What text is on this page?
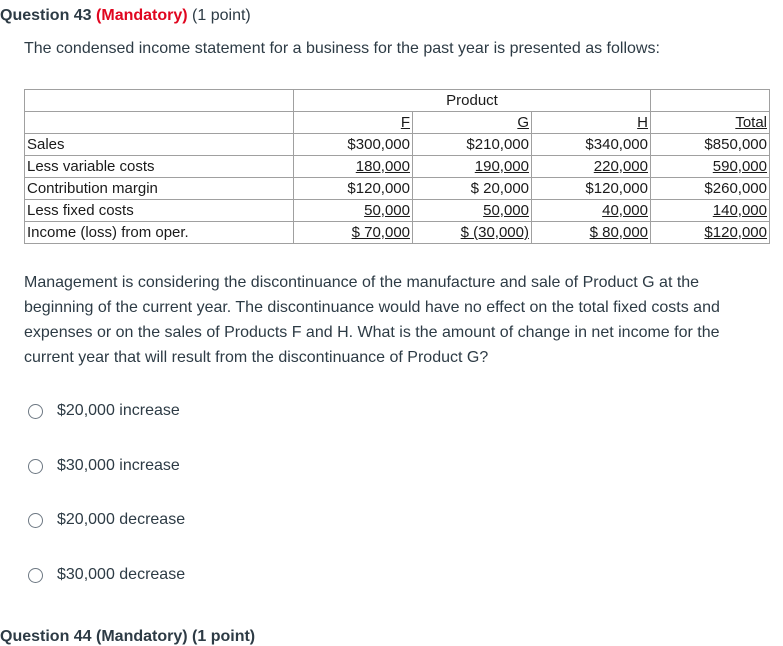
Question 43 (Mandatory) (1 point)
The condensed income statement for a business for the past year is presented as follows:
	Product			
	F	G	H	Total
Sales	$300,000	$210,000	$340,000	$850,000
Less variable costs	180,000	190,000	220,000	590,000
Contribution margin	$120,000	$ 20,000	$120,000	$260,000
Less fixed costs	50,000	50,000	40,000	140,000
Income (loss) from oper.	$ 70,000	$ (30,000)	$ 80,000	$120,000
Management is considering the discontinuance of the manufacture and sale of Product G at the beginning of the current year. The discontinuance would have no effect on the total fixed costs and expenses or on the sales of Products F and H. What is the amount of change in net income for the current year that will result from the discontinuance of Product G?
$20,000 increase
$30,000 increase
$20,000 decrease
$30,000 decrease
Question 44 (Mandatory) (1 point)
